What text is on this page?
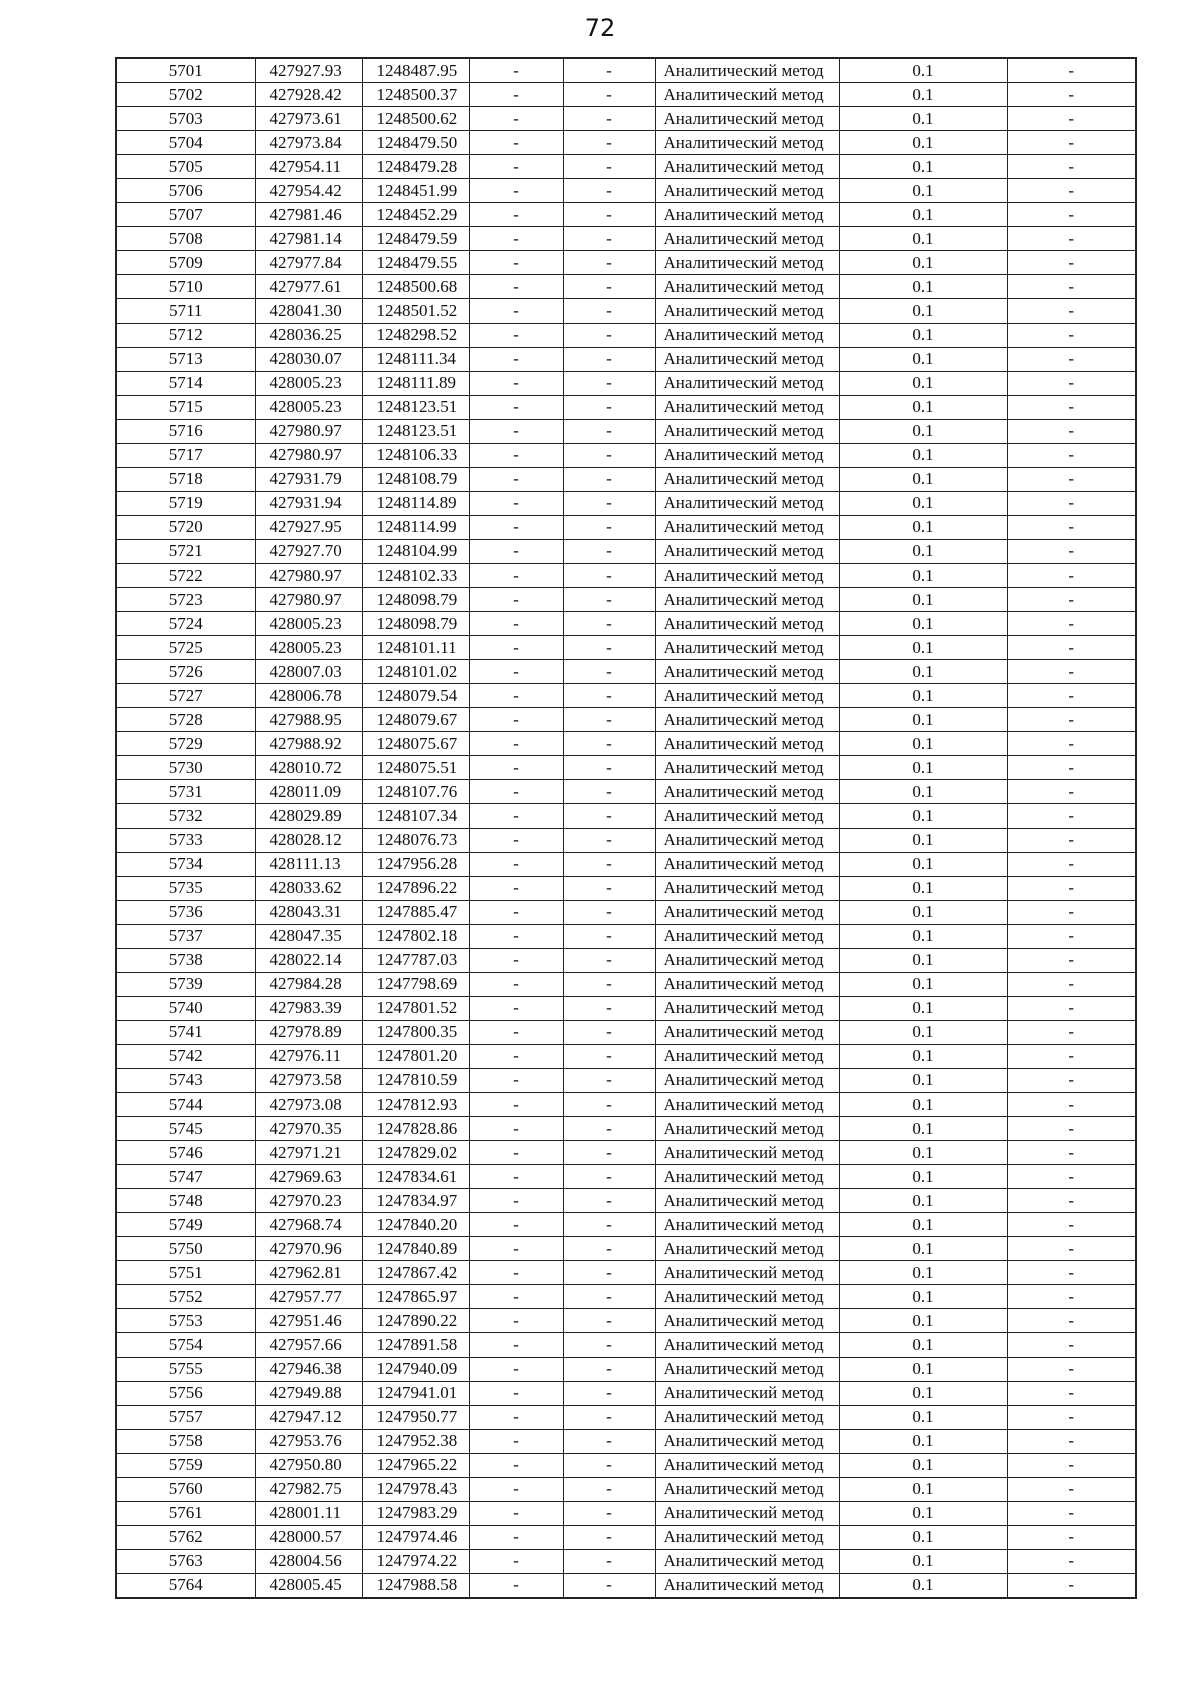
72
5701	427927.93	1248487.95	-	-	Аналитический метод	0.1	-
5702	427928.42	1248500.37	-	-	Аналитический метод	0.1	-
5703	427973.61	1248500.62	-	-	Аналитический метод	0.1	-
5704	427973.84	1248479.50	-	-	Аналитический метод	0.1	-
5705	427954.11	1248479.28	-	-	Аналитический метод	0.1	-
5706	427954.42	1248451.99	-	-	Аналитический метод	0.1	-
5707	427981.46	1248452.29	-	-	Аналитический метод	0.1	-
5708	427981.14	1248479.59	-	-	Аналитический метод	0.1	-
5709	427977.84	1248479.55	-	-	Аналитический метод	0.1	-
5710	427977.61	1248500.68	-	-	Аналитический метод	0.1	-
5711	428041.30	1248501.52	-	-	Аналитический метод	0.1	-
5712	428036.25	1248298.52	-	-	Аналитический метод	0.1	-
5713	428030.07	1248111.34	-	-	Аналитический метод	0.1	-
5714	428005.23	1248111.89	-	-	Аналитический метод	0.1	-
5715	428005.23	1248123.51	-	-	Аналитический метод	0.1	-
5716	427980.97	1248123.51	-	-	Аналитический метод	0.1	-
5717	427980.97	1248106.33	-	-	Аналитический метод	0.1	-
5718	427931.79	1248108.79	-	-	Аналитический метод	0.1	-
5719	427931.94	1248114.89	-	-	Аналитический метод	0.1	-
5720	427927.95	1248114.99	-	-	Аналитический метод	0.1	-
5721	427927.70	1248104.99	-	-	Аналитический метод	0.1	-
5722	427980.97	1248102.33	-	-	Аналитический метод	0.1	-
5723	427980.97	1248098.79	-	-	Аналитический метод	0.1	-
5724	428005.23	1248098.79	-	-	Аналитический метод	0.1	-
5725	428005.23	1248101.11	-	-	Аналитический метод	0.1	-
5726	428007.03	1248101.02	-	-	Аналитический метод	0.1	-
5727	428006.78	1248079.54	-	-	Аналитический метод	0.1	-
5728	427988.95	1248079.67	-	-	Аналитический метод	0.1	-
5729	427988.92	1248075.67	-	-	Аналитический метод	0.1	-
5730	428010.72	1248075.51	-	-	Аналитический метод	0.1	-
5731	428011.09	1248107.76	-	-	Аналитический метод	0.1	-
5732	428029.89	1248107.34	-	-	Аналитический метод	0.1	-
5733	428028.12	1248076.73	-	-	Аналитический метод	0.1	-
5734	428111.13	1247956.28	-	-	Аналитический метод	0.1	-
5735	428033.62	1247896.22	-	-	Аналитический метод	0.1	-
5736	428043.31	1247885.47	-	-	Аналитический метод	0.1	-
5737	428047.35	1247802.18	-	-	Аналитический метод	0.1	-
5738	428022.14	1247787.03	-	-	Аналитический метод	0.1	-
5739	427984.28	1247798.69	-	-	Аналитический метод	0.1	-
5740	427983.39	1247801.52	-	-	Аналитический метод	0.1	-
5741	427978.89	1247800.35	-	-	Аналитический метод	0.1	-
5742	427976.11	1247801.20	-	-	Аналитический метод	0.1	-
5743	427973.58	1247810.59	-	-	Аналитический метод	0.1	-
5744	427973.08	1247812.93	-	-	Аналитический метод	0.1	-
5745	427970.35	1247828.86	-	-	Аналитический метод	0.1	-
5746	427971.21	1247829.02	-	-	Аналитический метод	0.1	-
5747	427969.63	1247834.61	-	-	Аналитический метод	0.1	-
5748	427970.23	1247834.97	-	-	Аналитический метод	0.1	-
5749	427968.74	1247840.20	-	-	Аналитический метод	0.1	-
5750	427970.96	1247840.89	-	-	Аналитический метод	0.1	-
5751	427962.81	1247867.42	-	-	Аналитический метод	0.1	-
5752	427957.77	1247865.97	-	-	Аналитический метод	0.1	-
5753	427951.46	1247890.22	-	-	Аналитический метод	0.1	-
5754	427957.66	1247891.58	-	-	Аналитический метод	0.1	-
5755	427946.38	1247940.09	-	-	Аналитический метод	0.1	-
5756	427949.88	1247941.01	-	-	Аналитический метод	0.1	-
5757	427947.12	1247950.77	-	-	Аналитический метод	0.1	-
5758	427953.76	1247952.38	-	-	Аналитический метод	0.1	-
5759	427950.80	1247965.22	-	-	Аналитический метод	0.1	-
5760	427982.75	1247978.43	-	-	Аналитический метод	0.1	-
5761	428001.11	1247983.29	-	-	Аналитический метод	0.1	-
5762	428000.57	1247974.46	-	-	Аналитический метод	0.1	-
5763	428004.56	1247974.22	-	-	Аналитический метод	0.1	-
5764	428005.45	1247988.58	-	-	Аналитический метод	0.1	-
